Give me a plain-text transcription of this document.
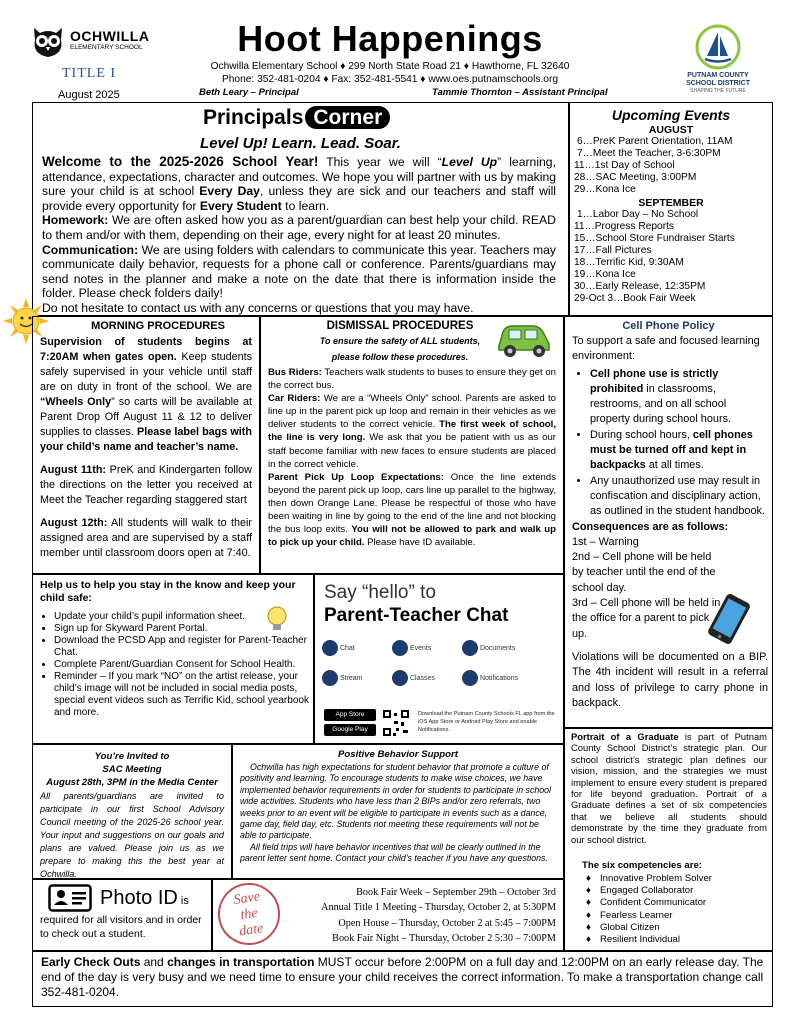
OCHWILLA
ELEMENTARY SCHOOL
TITLE I
August 2025
Hoot Happenings
Ochwilla Elementary School ♦ 299 North State Road 21 ♦ Hawthorne, FL 32640
Phone: 352-481-0204 ♦ Fax: 352-481-5541 ♦ www.oes.putnamschools.org
Beth Leary – Principal	Tammie Thornton – Assistant Principal
PUTNAM COUNTY
SCHOOL DISTRICT
SHAPING THE FUTURE
Principals Corner
Level Up! Learn. Lead. Soar.
Welcome to the 2025-2026 School Year! This year we will “Level Up” learning, attendance, expectations, character and outcomes. We hope you will partner with us by making sure your child is at school Every Day, unless they are sick and our teachers and staff will provide every opportunity for Every Student to learn.
Homework: We are often asked how you as a parent/guardian can best help your child. READ to them and/or with them, depending on their age, every night for at least 20 minutes.
Communication: We are using folders with calendars to communicate this year. Teachers may communicate daily behavior, requests for a phone call or conference. Parents/guardians may send notes in the planner and make a note on the date that there is information inside the folder. Please check folders daily!
Do not hesitate to contact us with any concerns or questions that you may have.
Upcoming Events
AUGUST
6…PreK Parent Orientation, 11AM
7…Meet the Teacher, 3-6:30PM
11…1st Day of School
28…SAC Meeting, 3:00PM
29…Kona Ice
SEPTEMBER
1…Labor Day – No School
11…Progress Reports
15…School Store Fundraiser Starts
17…Fall Pictures
18…Terrific Kid, 9:30AM
19…Kona Ice
30…Early Release, 12:35PM
29-Oct 3…Book Fair Week
MORNING PROCEDURES
Supervision of students begins at 7:20AM when gates open. Keep students safely supervised in your vehicle until staff are on duty in front of the school. We are “Wheels Only” so carts will be available at Parent Drop Off August 11 & 12 to deliver supplies to classes. Please label bags with your child’s name and teacher’s name.
August 11th: PreK and Kindergarten follow the directions on the letter you received at Meet the Teacher regarding staggered start
August 12th: All students will walk to their assigned area and are supervised by a staff member until classroom doors open at 7:40.
DISMISSAL PROCEDURES
To ensure the safety of ALL students,
please follow these procedures.
Bus Riders: Teachers walk students to buses to ensure they get on the correct bus.
Car Riders: We are a “Wheels Only” school. Parents are asked to line up in the parent pick up loop and remain in their vehicles as we deliver students to the correct vehicle. The first week of school, the line is very long. We ask that you be patient with us as our staff become familiar with new faces to ensure students are placed in the correct vehicle.
Parent Pick Up Loop Expectations: Once the line extends beyond the parent pick up loop, cars line up parallel to the highway, then down Orange Lane. Please be respectful of those who have been waiting in line by going to the end of the line and not blocking the bus loop exits. You will not be allowed to park and walk up to pick up your child. Please have ID available.
Cell Phone Policy
To support a safe and focused learning environment:
• Cell phone use is strictly prohibited in classrooms, restrooms, and on all school property during school hours.
• During school hours, cell phones must be turned off and kept in backpacks at all times.
• Any unauthorized use may result in confiscation and disciplinary action, as outlined in the student handbook.
Consequences are as follows:
1st – Warning
2nd – Cell phone will be held by teacher until the end of the school day.
3rd – Cell phone will be held in the office for a parent to pick up.
Violations will be documented on a BIP. The 4th incident will result in a referral and loss of privilege to carry phone in backpack.
Help us to help you stay in the know and keep your child safe:
• Update your child’s pupil information sheet.
• Sign up for Skyward Parent Portal.
• Download the PCSD App and register for Parent-Teacher Chat.
• Complete Parent/Guardian Consent for School Health.
• Reminder – If you mark “NO” on the artist release, your child’s image will not be included in social media posts, special event videos such as Terrific Kid, school yearbook and more.
Say “hello” to
Parent-Teacher Chat
Chat	Events	Documents
Stream	Classes	Notifications
App Store
Google Play
Download the Putnam County Schools FL app from the iOS App Store or Android Play Store and enable Notifications.
You’re Invited to
SAC Meeting
August 28th, 3PM in the Media Center
All parents/guardians are invited to participate in our first School Advisory Council meeting of the 2025-26 school year. Your input and suggestions on our goals and plans are valued. Please join us as we prepare to making this the best year at Ochwilla.
Positive Behavior Support
Ochwilla has high expectations for student behavior that promote a culture of positivity and learning. To encourage students to make wise choices, we have implemented behavior requirements in order for students to participate in school wide activities. Students who have less than 2 BIPs and/or zero referrals, two weeks prior to an event will be eligible to participate in events such as a dance, game day, field day, etc. Students not meeting these requirements will not be able to participate.
All field trips will have behavior incentives that will be clearly outlined in the parent letter sent home. Contact your child’s teacher if you have any questions.
Portrait of a Graduate is part of Putnam County School District’s strategic plan. Our school district’s strategic plan defines our vision, mission, and the strategies we must implement to ensure every student is prepared for life beyond graduation. Portrait of a Graduate defines a set of six competencies that we believe all students should demonstrate by the time they graduate from our school district.
The six competencies are:
♦ Innovative Problem Solver
♦ Engaged Collaborator
♦ Confident Communicator
♦ Fearless Learner
♦ Global Citizen
♦ Resilient Individual
Photo ID is
required for all visitors and in order to check out a student.
Save
the
date
Book Fair Week – September 29th – October 3rd
Annual Title 1 Meeting - Thursday, October 2, at 5:30PM
Open House – Thursday, October 2 at 5:45 – 7:00PM
Book Fair Night – Thursday, October 2 5:30 – 7:00PM
Early Check Outs and changes in transportation MUST occur before 2:00PM on a full day and 12:00PM on an early release day. The end of the day is very busy and we need time to ensure your child receives the correct information. To make a transportation change call 352-481-0204.
